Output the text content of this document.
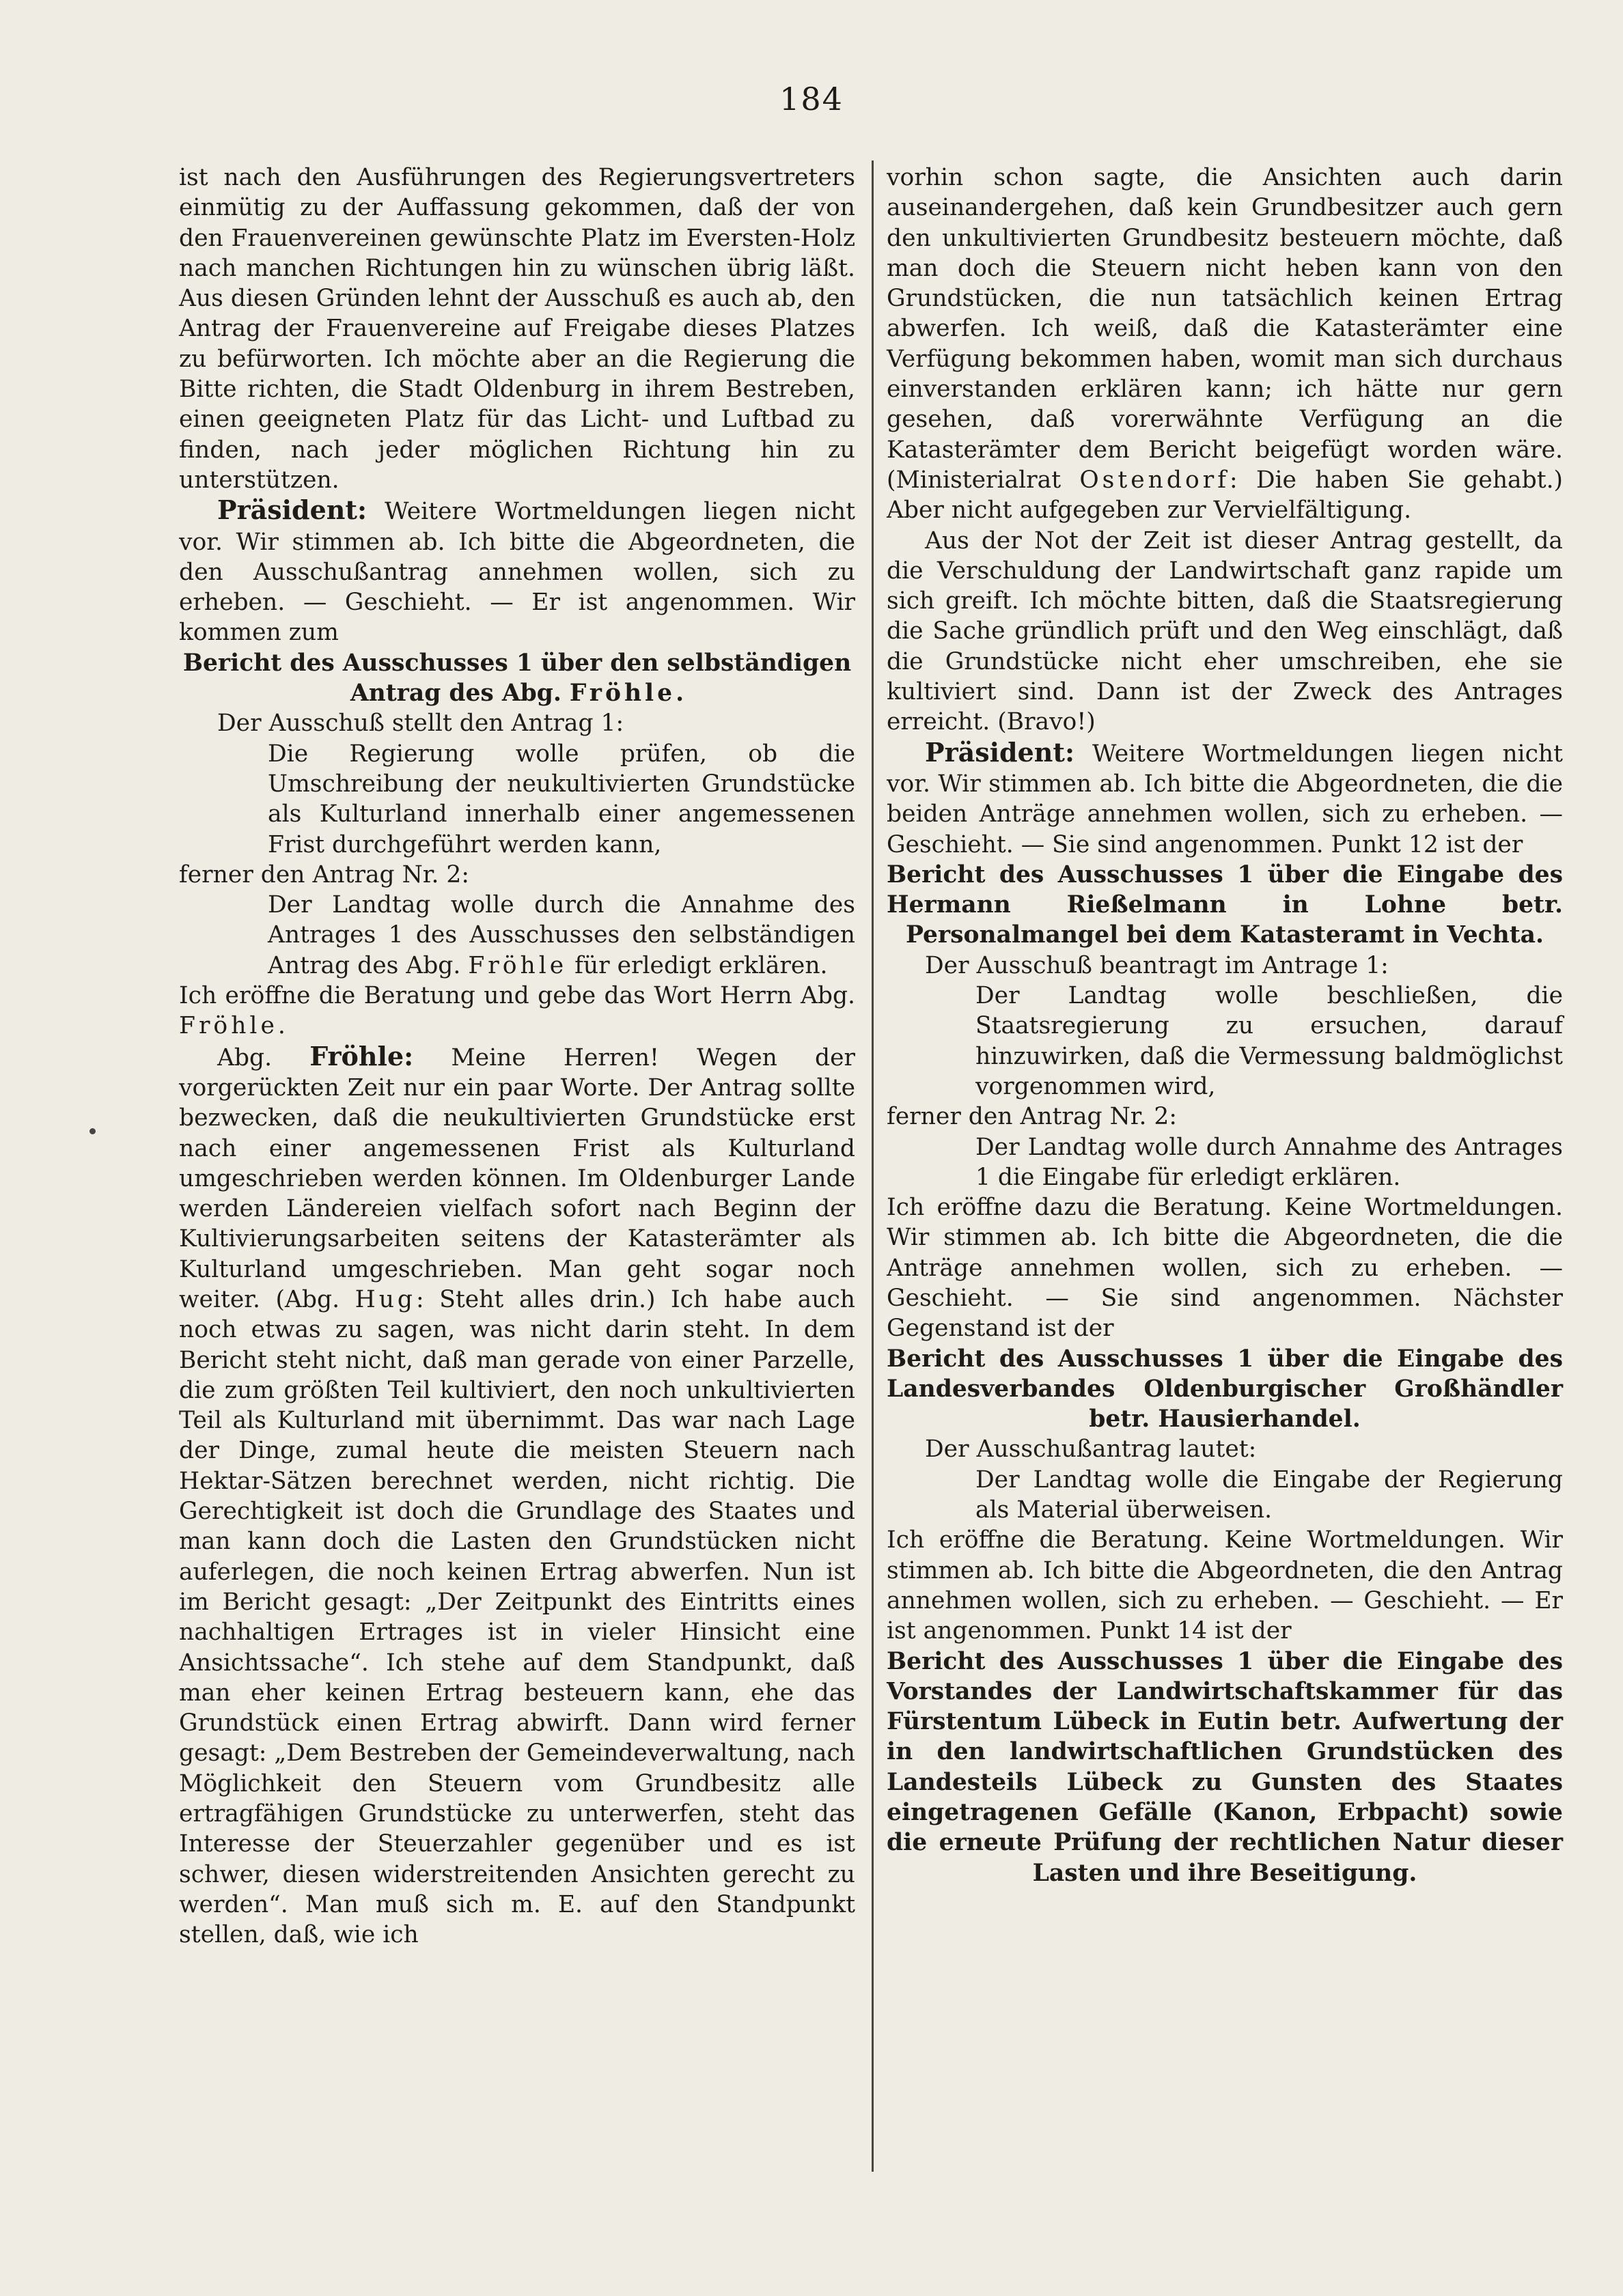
184

ist nach den Ausführungen des Regierungsvertreters einmütig zu der Auffassung gekommen, daß der von den Frauenvereinen gewünschte Platz im Eversten-Holz nach manchen Richtungen hin zu wünschen übrig läßt. Aus diesen Gründen lehnt der Ausschuß es auch ab, den Antrag der Frauenvereine auf Freigabe dieses Platzes zu befürworten. Ich möchte aber an die Regierung die Bitte richten, die Stadt Oldenburg in ihrem Bestreben, einen geeigneten Platz für das Licht- und Luftbad zu finden, nach jeder möglichen Richtung hin zu unterstützen.

Präsident: Weitere Wortmeldungen liegen nicht vor. Wir stimmen ab. Ich bitte die Abgeordneten, die den Ausschußantrag annehmen wollen, sich zu erheben. — Geschieht. — Er ist angenommen. Wir kommen zum

Bericht des Ausschusses 1 über den selbständigen Antrag des Abg. Fröhle.

Der Ausschuß stellt den Antrag 1:

Die Regierung wolle prüfen, ob die Umschreibung der neukultivierten Grundstücke als Kulturland innerhalb einer angemessenen Frist durchgeführt werden kann,

ferner den Antrag Nr. 2:

Der Landtag wolle durch die Annahme des Antrages 1 des Ausschusses den selbständigen Antrag des Abg. Fröhle für erledigt erklären.

Ich eröffne die Beratung und gebe das Wort Herrn Abg. Fröhle.

Abg. Fröhle: Meine Herren! Wegen der vorgerückten Zeit nur ein paar Worte. Der Antrag sollte bezwecken, daß die neukultivierten Grundstücke erst nach einer angemessenen Frist als Kulturland umgeschrieben werden können. Im Oldenburger Lande werden Ländereien vielfach sofort nach Beginn der Kultivierungsarbeiten seitens der Katasterämter als Kulturland umgeschrieben. Man geht sogar noch weiter. (Abg. Hug: Steht alles drin.) Ich habe auch noch etwas zu sagen, was nicht darin steht. In dem Bericht steht nicht, daß man gerade von einer Parzelle, die zum größten Teil kultiviert, den noch unkultivierten Teil als Kulturland mit übernimmt. Das war nach Lage der Dinge, zumal heute die meisten Steuern nach Hektar-Sätzen berechnet werden, nicht richtig. Die Gerechtigkeit ist doch die Grundlage des Staates und man kann doch die Lasten den Grundstücken nicht auferlegen, die noch keinen Ertrag abwerfen. Nun ist im Bericht gesagt: „Der Zeitpunkt des Eintritts eines nachhaltigen Ertrages ist in vieler Hinsicht eine Ansichtssache“. Ich stehe auf dem Standpunkt, daß man eher keinen Ertrag besteuern kann, ehe das Grundstück einen Ertrag abwirft. Dann wird ferner gesagt: „Dem Bestreben der Gemeindeverwaltung, nach Möglichkeit den Steuern vom Grundbesitz alle ertragfähigen Grundstücke zu unterwerfen, steht das Interesse der Steuerzahler gegenüber und es ist schwer, diesen widerstreitenden Ansichten gerecht zu werden“. Man muß sich m. E. auf den Standpunkt stellen, daß, wie ich

vorhin schon sagte, die Ansichten auch darin auseinandergehen, daß kein Grundbesitzer auch gern den unkultivierten Grundbesitz besteuern möchte, daß man doch die Steuern nicht heben kann von den Grundstücken, die nun tatsächlich keinen Ertrag abwerfen. Ich weiß, daß die Katasterämter eine Verfügung bekommen haben, womit man sich durchaus einverstanden erklären kann; ich hätte nur gern gesehen, daß vorerwähnte Verfügung an die Katasterämter dem Bericht beigefügt worden wäre. (Ministerialrat Ostendorf: Die haben Sie gehabt.) Aber nicht aufgegeben zur Vervielfältigung.

Aus der Not der Zeit ist dieser Antrag gestellt, da die Verschuldung der Landwirtschaft ganz rapide um sich greift. Ich möchte bitten, daß die Staatsregierung die Sache gründlich prüft und den Weg einschlägt, daß die Grundstücke nicht eher umschreiben, ehe sie kultiviert sind. Dann ist der Zweck des Antrages erreicht. (Bravo!)

Präsident: Weitere Wortmeldungen liegen nicht vor. Wir stimmen ab. Ich bitte die Abgeordneten, die die beiden Anträge annehmen wollen, sich zu erheben. — Geschieht. — Sie sind angenommen. Punkt 12 ist der

Bericht des Ausschusses 1 über die Eingabe des Hermann Rießelmann in Lohne betr. Personalmangel bei dem Katasteramt in Vechta.

Der Ausschuß beantragt im Antrage 1:

Der Landtag wolle beschließen, die Staatsregierung zu ersuchen, darauf hinzuwirken, daß die Vermessung baldmöglichst vorgenommen wird,

ferner den Antrag Nr. 2:

Der Landtag wolle durch Annahme des Antrages 1 die Eingabe für erledigt erklären.

Ich eröffne dazu die Beratung. Keine Wortmeldungen. Wir stimmen ab. Ich bitte die Abgeordneten, die die Anträge annehmen wollen, sich zu erheben. — Geschieht. — Sie sind angenommen. Nächster Gegenstand ist der

Bericht des Ausschusses 1 über die Eingabe des Landesverbandes Oldenburgischer Großhändler betr. Hausierhandel.

Der Ausschußantrag lautet:

Der Landtag wolle die Eingabe der Regierung als Material überweisen.

Ich eröffne die Beratung. Keine Wortmeldungen. Wir stimmen ab. Ich bitte die Abgeordneten, die den Antrag annehmen wollen, sich zu erheben. — Geschieht. — Er ist angenommen. Punkt 14 ist der

Bericht des Ausschusses 1 über die Eingabe des Vorstandes der Landwirtschaftskammer für das Fürstentum Lübeck in Eutin betr. Aufwertung der in den landwirtschaftlichen Grundstücken des Landesteils Lübeck zu Gunsten des Staates eingetragenen Gefälle (Kanon, Erbpacht) sowie die erneute Prüfung der rechtlichen Natur dieser Lasten und ihre Beseitigung.
